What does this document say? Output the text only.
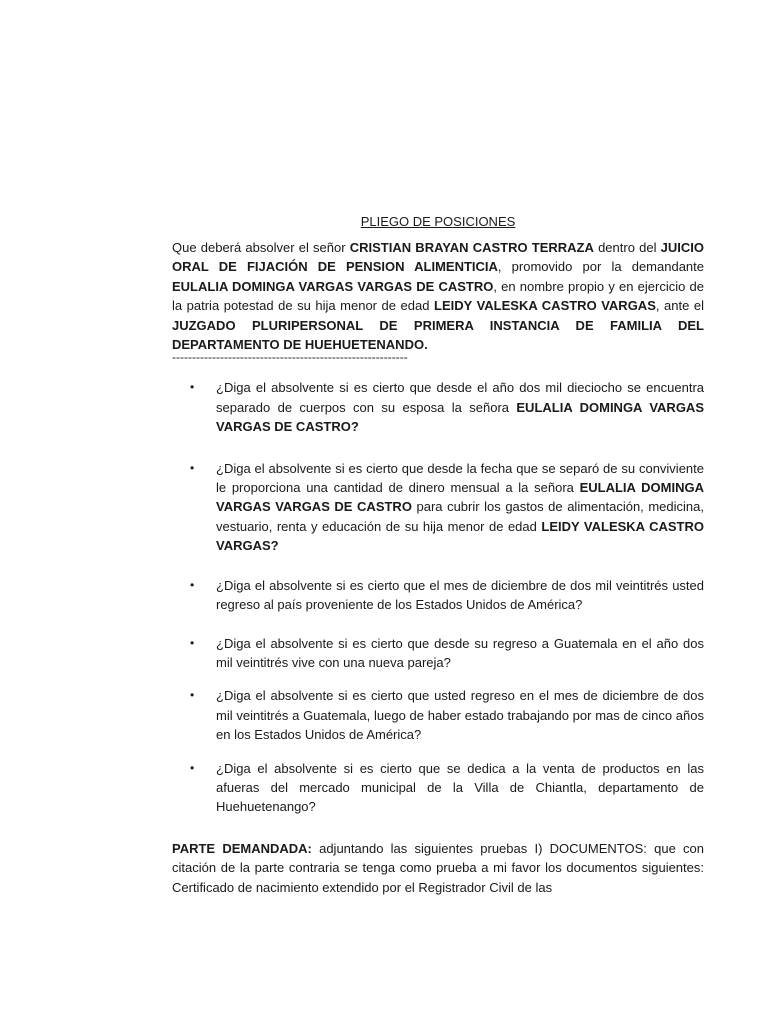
PLIEGO DE POSICIONES

Que deberá absolver el señor CRISTIAN BRAYAN CASTRO TERRAZA dentro del JUICIO ORAL DE FIJACIÓN DE PENSION ALIMENTICIA, promovido por la demandante EULALIA DOMINGA VARGAS VARGAS DE CASTRO, en nombre propio y en ejercicio de la patria potestad de su hija menor de edad LEIDY VALESKA CASTRO VARGAS, ante el JUZGADO PLURIPERSONAL DE PRIMERA INSTANCIA DE FAMILIA DEL DEPARTAMENTO DE HUEHUETENANDO.

-----------------------------------------------------------
• ¿Diga el absolvente si es cierto que desde el año dos mil dieciocho se encuentra separado de cuerpos con su esposa la señora EULALIA DOMINGA VARGAS VARGAS DE CASTRO?
• ¿Diga el absolvente si es cierto que desde la fecha que se separó de su conviviente le proporciona una cantidad de dinero mensual a la señora EULALIA DOMINGA VARGAS VARGAS DE CASTRO para cubrir los gastos de alimentación, medicina, vestuario, renta y educación de su hija menor de edad LEIDY VALESKA CASTRO VARGAS?
• ¿Diga el absolvente si es cierto que el mes de diciembre de dos mil veintitrés usted regreso al país proveniente de los Estados Unidos de América?
• ¿Diga el absolvente si es cierto que desde su regreso a Guatemala en el año dos mil veintitrés vive con una nueva pareja?
• ¿Diga el absolvente si es cierto que usted regreso en el mes de diciembre de dos mil veintitrés a Guatemala, luego de haber estado trabajando por mas de cinco años en los Estados Unidos de América?
• ¿Diga el absolvente si es cierto que se dedica a la venta de productos en las afueras del mercado municipal de la Villa de Chiantla, departamento de Huehuetenango?

PARTE DEMANDADA: adjuntando las siguientes pruebas I) DOCUMENTOS: que con citación de la parte contraria se tenga como prueba a mi favor los documentos siguientes: Certificado de nacimiento extendido por el Registrador Civil de las
